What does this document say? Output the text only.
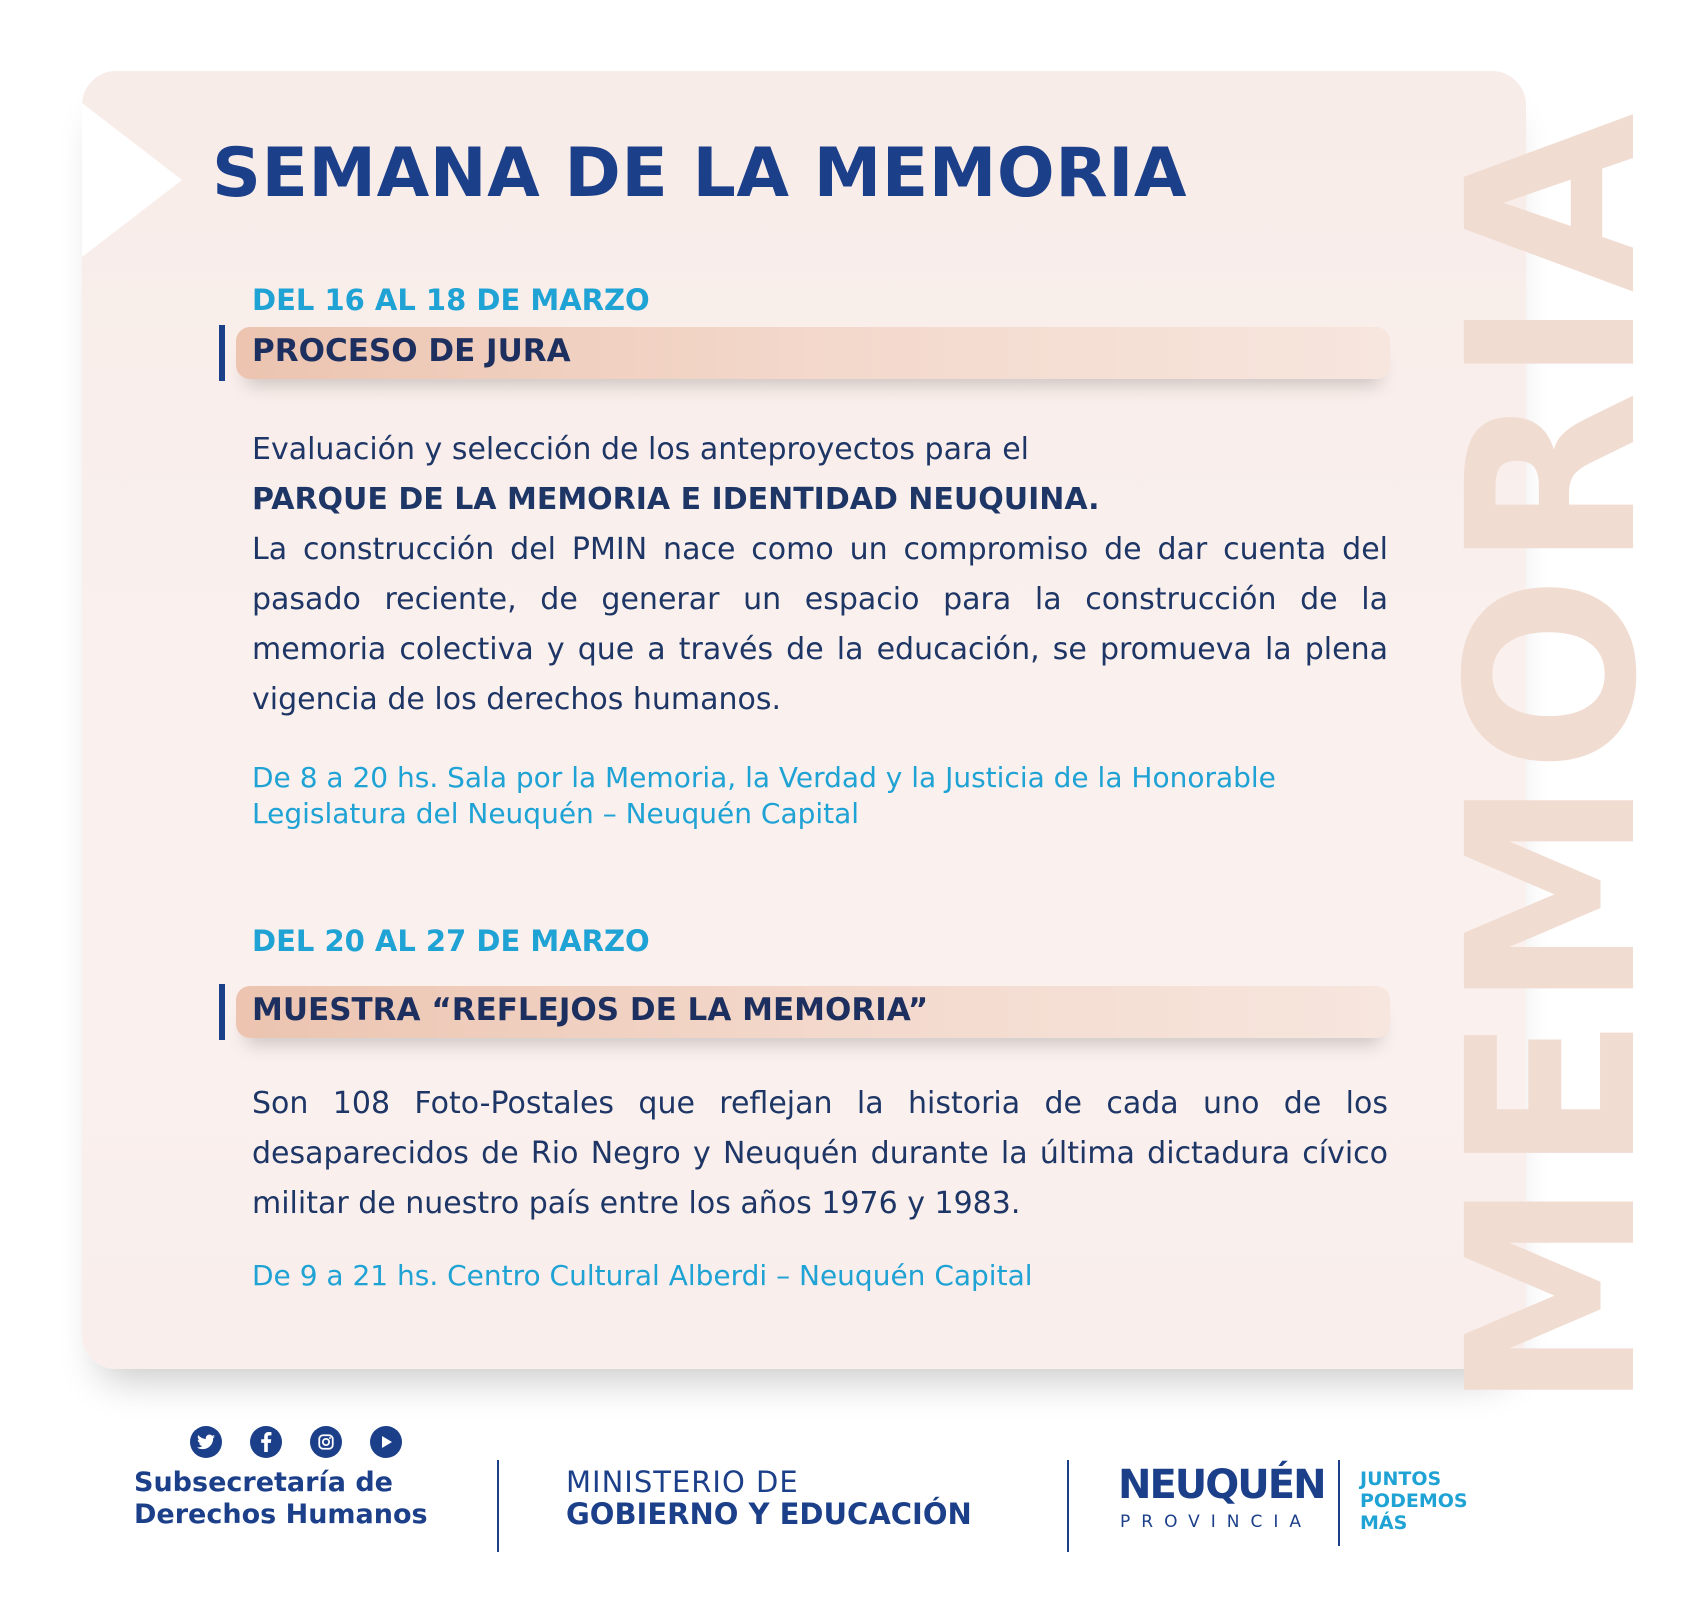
MEMORIA
SEMANA DE LA MEMORIA
DEL 16 AL 18 DE MARZO
PROCESO DE JURA
Evaluación y selección de los anteproyectos para el
PARQUE DE LA MEMORIA E IDENTIDAD NEUQUINA.
La construcción del PMIN nace como un compromiso de dar cuenta del pasado reciente, de generar un espacio para la construcción de la memoria colectiva y que a través de la educación, se promueva la plena vigencia de los derechos humanos.

De 8 a 20 hs. Sala por la Memoria, la Verdad y la Justicia de la Honorable Legislatura del Neuquén – Neuquén Capital

DEL 20 AL 27 DE MARZO
MUESTRA “REFLEJOS DE LA MEMORIA”

Son 108 Foto-Postales que reflejan la historia de cada uno de los desaparecidos de Rio Negro y Neuquén durante la última dictadura cívico militar de nuestro país entre los años 1976 y 1983.

De 9 a 21 hs. Centro Cultural Alberdi – Neuquén Capital

Subsecretaría de
Derechos Humanos
MINISTERIO DE
GOBIERNO Y EDUCACIÓN
NEUQUÉN
PROVINCIA
JUNTOS
PODEMOS
MÁS
